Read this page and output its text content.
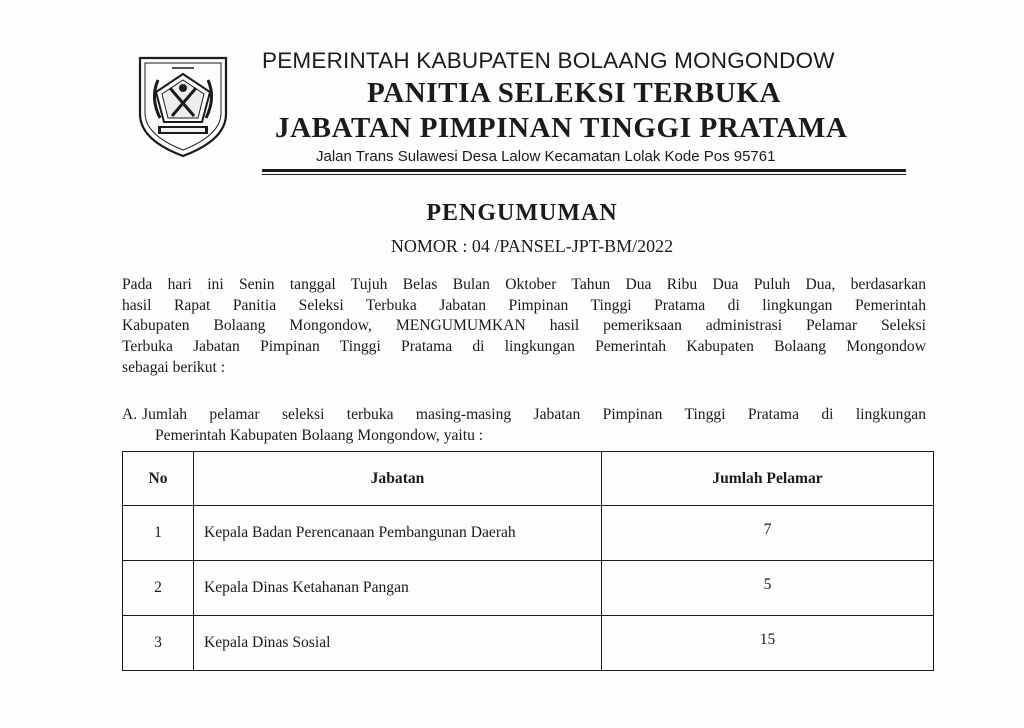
PEMERINTAH KABUPATEN BOLAANG MONGONDOW
PANITIA SELEKSI TERBUKA
JABATAN PIMPINAN TINGGI PRATAMA
Jalan Trans Sulawesi Desa Lalow Kecamatan Lolak Kode Pos 95761
PENGUMUMAN
NOMOR : 04 /PANSEL-JPT-BM/2022
Pada hari ini Senin tanggal Tujuh Belas Bulan Oktober Tahun Dua Ribu Dua Puluh Dua, berdasarkan
hasil Rapat Panitia Seleksi Terbuka Jabatan Pimpinan Tinggi Pratama di lingkungan Pemerintah
Kabupaten Bolaang Mongondow, MENGUMUMKAN hasil pemeriksaan administrasi Pelamar Seleksi
Terbuka Jabatan Pimpinan Tinggi Pratama di lingkungan Pemerintah Kabupaten Bolaang Mongondow
sebagai berikut :
A. Jumlah pelamar seleksi terbuka masing-masing Jabatan Pimpinan Tinggi Pratama di lingkungan
Pemerintah Kabupaten Bolaang Mongondow, yaitu :
No	Jabatan	Jumlah Pelamar
1	Kepala Badan Perencanaan Pembangunan Daerah	7
2	Kepala Dinas Ketahanan Pangan	5
3	Kepala Dinas Sosial	15
